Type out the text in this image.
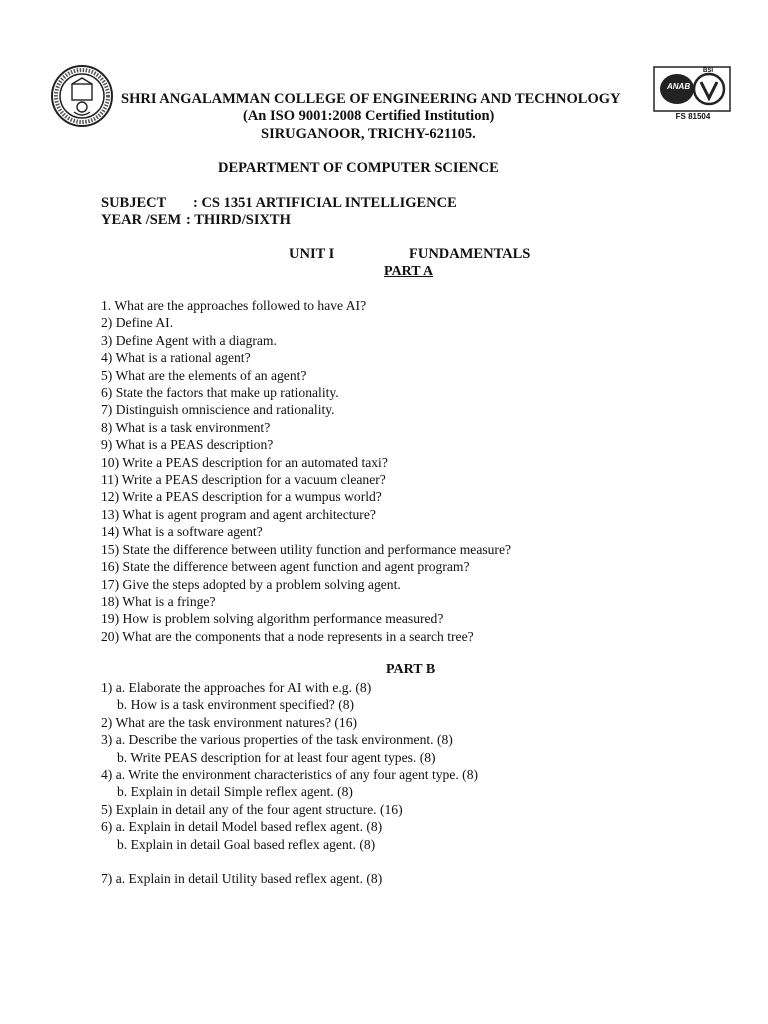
ANAB
BSI
FS 81504
SHRI ANGALAMMAN COLLEGE OF ENGINEERING AND TECHNOLOGY
(An ISO 9001:2008 Certified Institution)
SIRUGANOOR, TRICHY-621105.
DEPARTMENT OF COMPUTER SCIENCE
SUBJECT : CS 1351 ARTIFICIAL INTELLIGENCE
YEAR /SEM : THIRD/SIXTH
UNIT I	FUNDAMENTALS
PART A
1. What are the approaches followed to have AI?
2) Define AI.
3) Define Agent with a diagram.
4) What is a rational agent?
5) What are the elements of an agent?
6) State the factors that make up rationality.
7) Distinguish omniscience and rationality.
8) What is a task environment?
9) What is a PEAS description?
10) Write a PEAS description for an automated taxi?
11) Write a PEAS description for a vacuum cleaner?
12) Write a PEAS description for a wumpus world?
13) What is agent program and agent architecture?
14) What is a software agent?
15) State the difference between utility function and performance measure?
16) State the difference between agent function and agent program?
17) Give the steps adopted by a problem solving agent.
18) What is a fringe?
19) How is problem solving algorithm performance measured?
20) What are the components that a node represents in a search tree?
PART B
1) a. Elaborate the approaches for AI with e.g. (8)
b. How is a task environment specified? (8)
2) What are the task environment natures? (16)
3) a. Describe the various properties of the task environment. (8)
b. Write PEAS description for at least four agent types. (8)
4) a. Write the environment characteristics of any four agent type. (8)
b. Explain in detail Simple reflex agent. (8)
5) Explain in detail any of the four agent structure. (16)
6) a. Explain in detail Model based reflex agent. (8)
b. Explain in detail Goal based reflex agent. (8)
7) a. Explain in detail Utility based reflex agent. (8)
